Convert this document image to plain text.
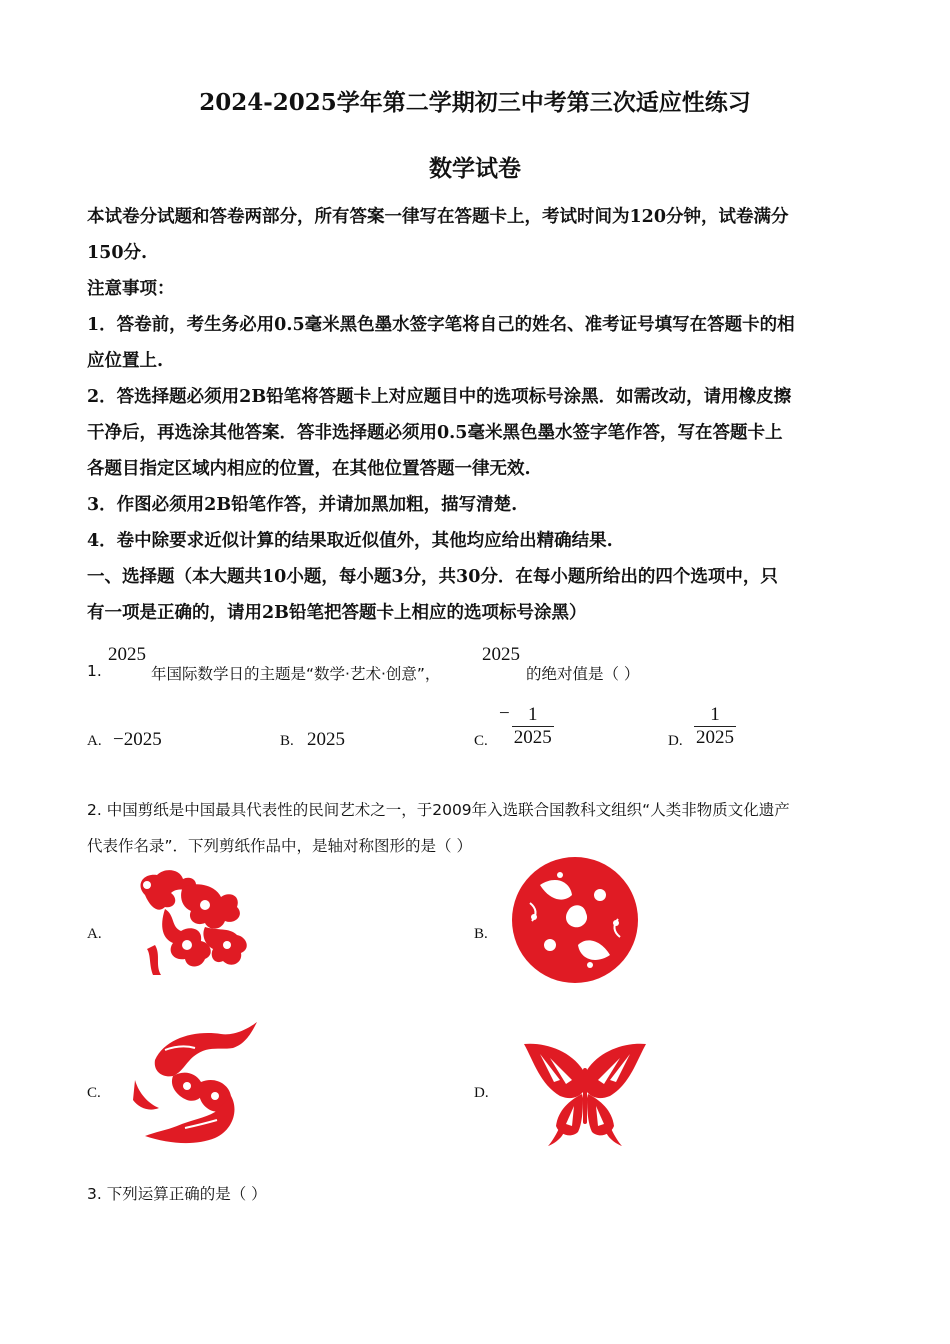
2024-2025学年第二学期初三中考第三次适应性练习
数学试卷
本试卷分试题和答卷两部分，所有答案一律写在答题卡上，考试时间为120分钟，试卷满分
150分.
注意事项：
1．答卷前，考生务必用0.5毫米黑色墨水签字笔将自己的姓名、准考证号填写在答题卡的相
应位置上.
2．答选择题必须用2B铅笔将答题卡上对应题目中的选项标号涂黑．如需改动，请用橡皮擦
干净后，再选涂其他答案．答非选择题必须用0.5毫米黑色墨水签字笔作答，写在答题卡上
各题目指定区域内相应的位置，在其他位置答题一律无效.
3．作图必须用2B铅笔作答，并请加黑加粗，描写清楚.
4．卷中除要求近似计算的结果取近似值外，其他均应给出精确结果.
一、选择题（本大题共10小题，每小题3分，共30分．在每小题所给出的四个选项中，只
有一项是正确的，请用2B铅笔把答题卡上相应的选项标号涂黑）
1.
2025
年国际数学日的主题是“数学·艺术·创意”，
2025
的绝对值是（ ）
A. −2025	B. 2025	C.
− $\frac{1}{2025}$	D. $\frac{1}{2025}$
2. 中国剪纸是中国最具代表性的民间艺术之一，于2009年入选联合国教科文组织“人类非物质文化遗产
代表作名录”．下列剪纸作品中，是轴对称图形的是（ ）
A.	B.
C.	D.
3. 下列运算正确的是（ ）
